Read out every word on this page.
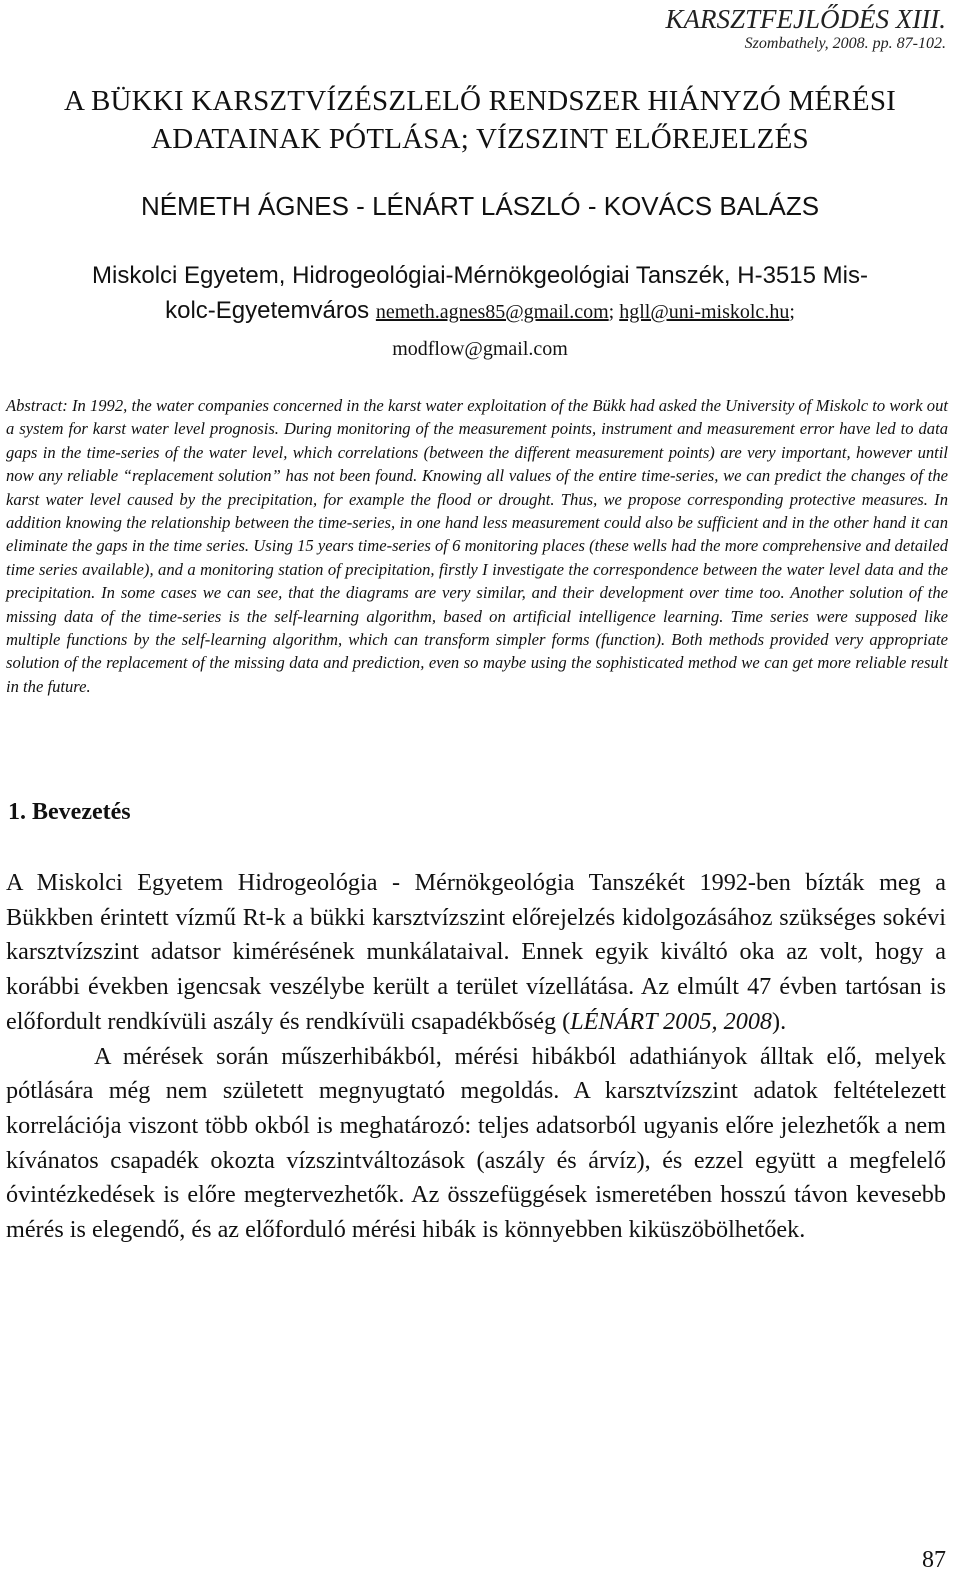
KARSZTFEJLŐDÉS XIII.
Szombathely, 2008. pp. 87-102.
A BÜKKI KARSZTVÍZÉSZLELŐ RENDSZER HIÁNYZÓ MÉRÉSI
ADATAINAK PÓTLÁSA; VÍZSZINT ELŐREJELZÉS
NÉMETH ÁGNES - LÉNÁRT LÁSZLÓ - KOVÁCS BALÁZS
Miskolci Egyetem, Hidrogeológiai-Mérnökgeológiai Tanszék, H-3515 Mis-
kolc-Egyetemváros nemeth.agnes85@gmail.com; hgll@uni-miskolc.hu;
modflow@gmail.com
Abstract: In 1992, the water companies concerned in the karst water exploitation of the Bükk had asked the University of Miskolc to work out a system for karst water level prognosis. During monitoring of the measurement points, instrument and measurement error have led to data gaps in the time-series of the water level, which correlations (between the different measurement points) are very important, however until now any reliable “replacement solution” has not been found. Knowing all values of the entire time-series, we can predict the changes of the karst water level caused by the precipitation, for example the flood or drought. Thus, we propose corresponding protective measures. In addition knowing the relationship between the time-series, in one hand less measurement could also be sufficient and in the other hand it can eliminate the gaps in the time series. Using 15 years time-series of 6 monitoring places (these wells had the more comprehensive and detailed time series available), and a monitoring station of precipitation, firstly I investigate the correspondence between the water level data and the precipitation. In some cases we can see, that the diagrams are very similar, and their development over time too. Another solution of the missing data of the time-series is the self-learning algorithm, based on artificial intelligence learning. Time series were supposed like multiple functions by the self-learning algorithm, which can transform simpler forms (function). Both methods provided very appropriate solution of the replacement of the missing data and prediction, even so maybe using the sophisticated method we can get more reliable result in the future.
1. Bevezetés

A Miskolci Egyetem Hidrogeológia - Mérnökgeológia Tanszékét 1992-ben bízták meg a Bükkben érintett vízmű Rt-k a bükki karsztvízszint előrejelzés kidolgozásához szükséges sokévi karsztvízszint adatsor kimérésének munkálataival. Ennek egyik kiváltó oka az volt, hogy a korábbi években igencsak veszélybe került a terület vízellátása. Az elmúlt 47 évben tartósan is előfordult rendkívüli aszály és rendkívüli csapadékbőség (LÉNÁRT 2005, 2008).

A mérések során műszerhibákból, mérési hibákból adathiányok álltak elő, melyek pótlására még nem született megnyugtató megoldás. A karsztvízszint adatok feltételezett korrelációja viszont több okból is meghatározó: teljes adatsorból ugyanis előre jelezhetők a nem kívánatos csapadék okozta vízszintváltozások (aszály és árvíz), és ezzel együtt a megfelelő óvintézkedések is előre megtervezhetők. Az összefüggések ismeretében hosszú távon kevesebb mérés is elegendő, és az előforduló mérési hibák is könnyebben kiküszöbölhetőek.

87
